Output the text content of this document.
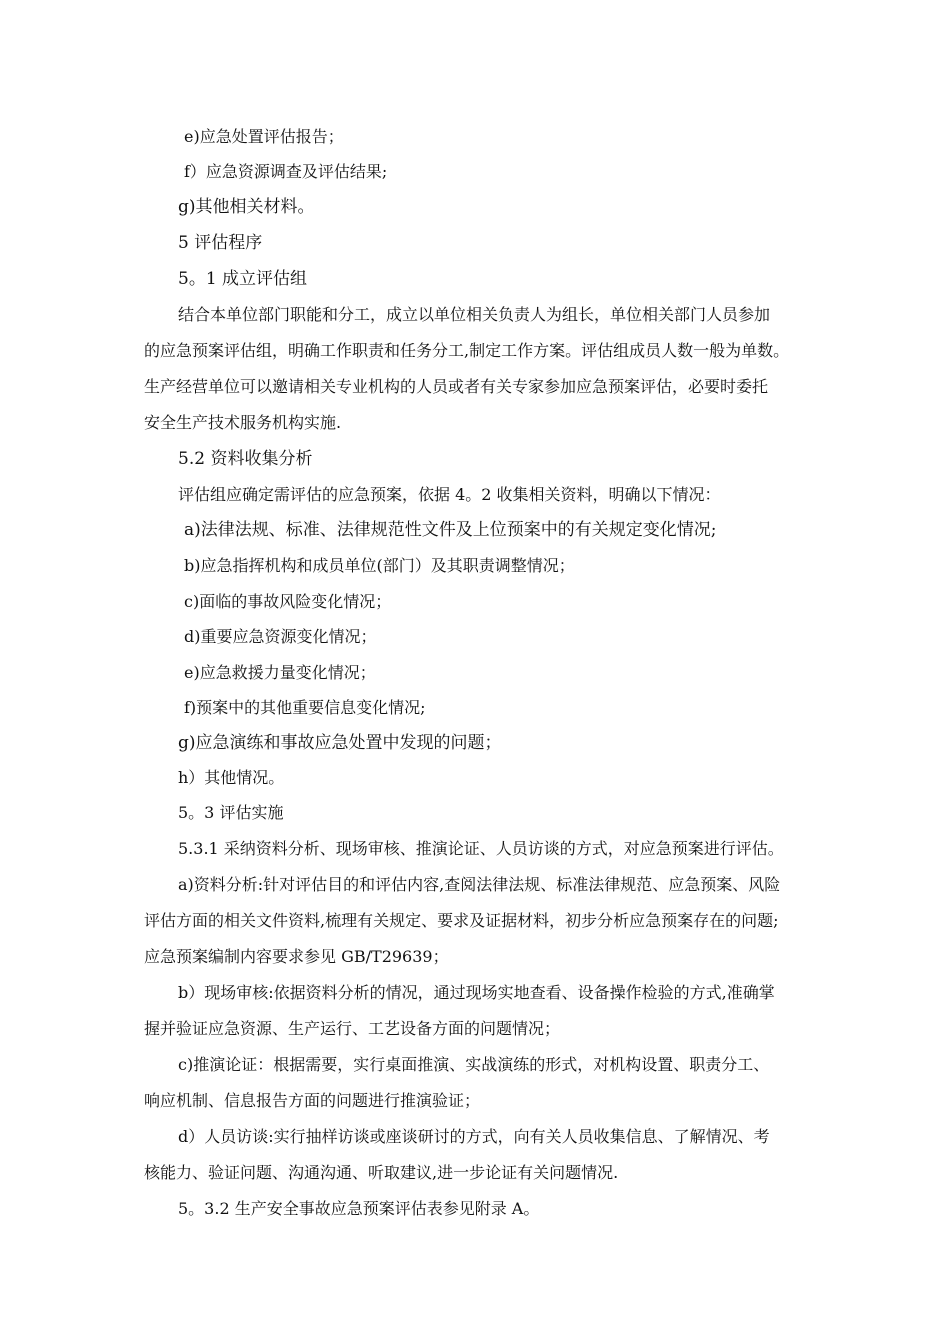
e)应急处置评估报告；
f）应急资源调查及评估结果;
g)其他相关材料。
5 评估程序
5。1 成立评估组
结合本单位部门职能和分工，成立以单位相关负责人为组长，单位相关部门人员参加
的应急预案评估组，明确工作职责和任务分工,制定工作方案。评估组成员人数一般为单数。
生产经营单位可以邀请相关专业机构的人员或者有关专家参加应急预案评估，必要时委托
安全生产技术服务机构实施.
5.2 资料收集分析
评估组应确定需评估的应急预案，依据 4。2 收集相关资料，明确以下情况：
a)法律法规、标准、法律规范性文件及上位预案中的有关规定变化情况;
b)应急指挥机构和成员单位(部门）及其职责调整情况；
c)面临的事故风险变化情况；
d)重要应急资源变化情况；
e)应急救援力量变化情况；
f)预案中的其他重要信息变化情况;
g)应急演练和事故应急处置中发现的问题；
h）其他情况。
5。3 评估实施
5.3.1 采纳资料分析、现场审核、推演论证、人员访谈的方式，对应急预案进行评估。
a)资料分析:针对评估目的和评估内容,查阅法律法规、标准法律规范、应急预案、风险
评估方面的相关文件资料,梳理有关规定、要求及证据材料，初步分析应急预案存在的问题;
应急预案编制内容要求参见 GB/T29639；
b）现场审核:依据资料分析的情况，通过现场实地查看、设备操作检验的方式,准确掌
握并验证应急资源、生产运行、工艺设备方面的问题情况；
c)推演论证：根据需要，实行桌面推演、实战演练的形式，对机构设置、职责分工、
响应机制、信息报告方面的问题进行推演验证；
d）人员访谈:实行抽样访谈或座谈研讨的方式，向有关人员收集信息、了解情况、考
核能力、验证问题、沟通沟通、听取建议,进一步论证有关问题情况.
5。3.2 生产安全事故应急预案评估表参见附录 A。
